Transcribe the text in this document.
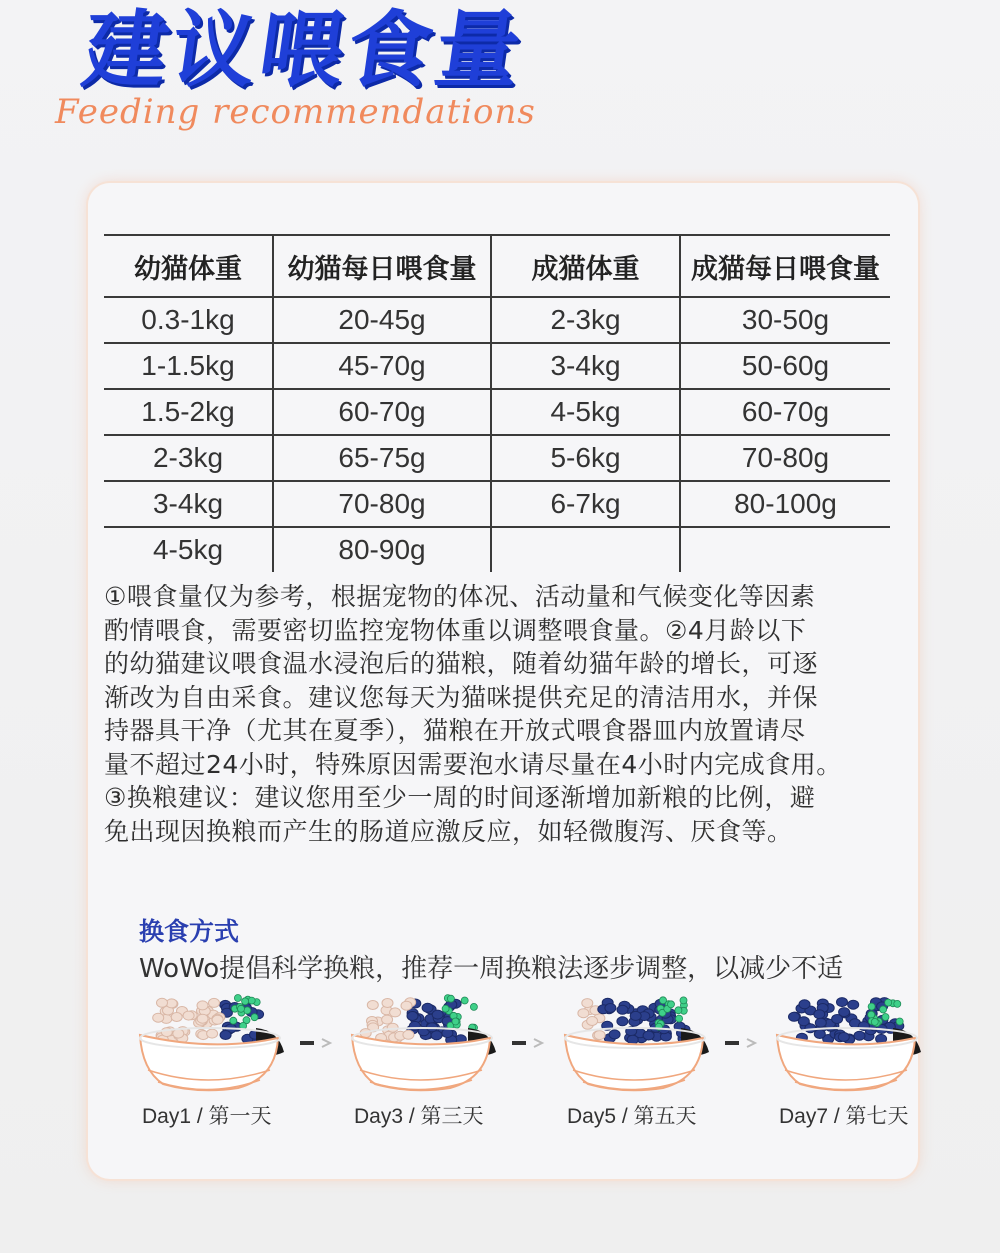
建议喂食量
Feeding recommendations
幼猫体重	幼猫每日喂食量	成猫体重	成猫每日喂食量
0.3-1kg	20-45g	2-3kg	30-50g
1-1.5kg	45-70g	3-4kg	50-60g
1.5-2kg	60-70g	4-5kg	60-70g
2-3kg	65-75g	5-6kg	70-80g
3-4kg	70-80g	6-7kg	80-100g
4-5kg	80-90g		

①喂食量仅为参考，根据宠物的体况、活动量和气候变化等因素

酌情喂食，需要密切监控宠物体重以调整喂食量。②4月龄以下

的幼猫建议喂食温水浸泡后的猫粮，随着幼猫年龄的增长，可逐

渐改为自由采食。建议您每天为猫咪提供充足的清洁用水，并保

持器具干净（尤其在夏季），猫粮在开放式喂食器皿内放置请尽

量不超过24小时，特殊原因需要泡水请尽量在4小时内完成食用。

③换粮建议：建议您用至少一周的时间逐渐增加新粮的比例，避

免出现因换粮而产生的肠道应激反应，如轻微腹泻、厌食等。

换食方式
WoWo提倡科学换粮，推荐一周换粮法逐步调整，以减少不适
Day1 / 第一天	Day3 / 第三天	Day5 / 第五天	Day7 / 第七天
